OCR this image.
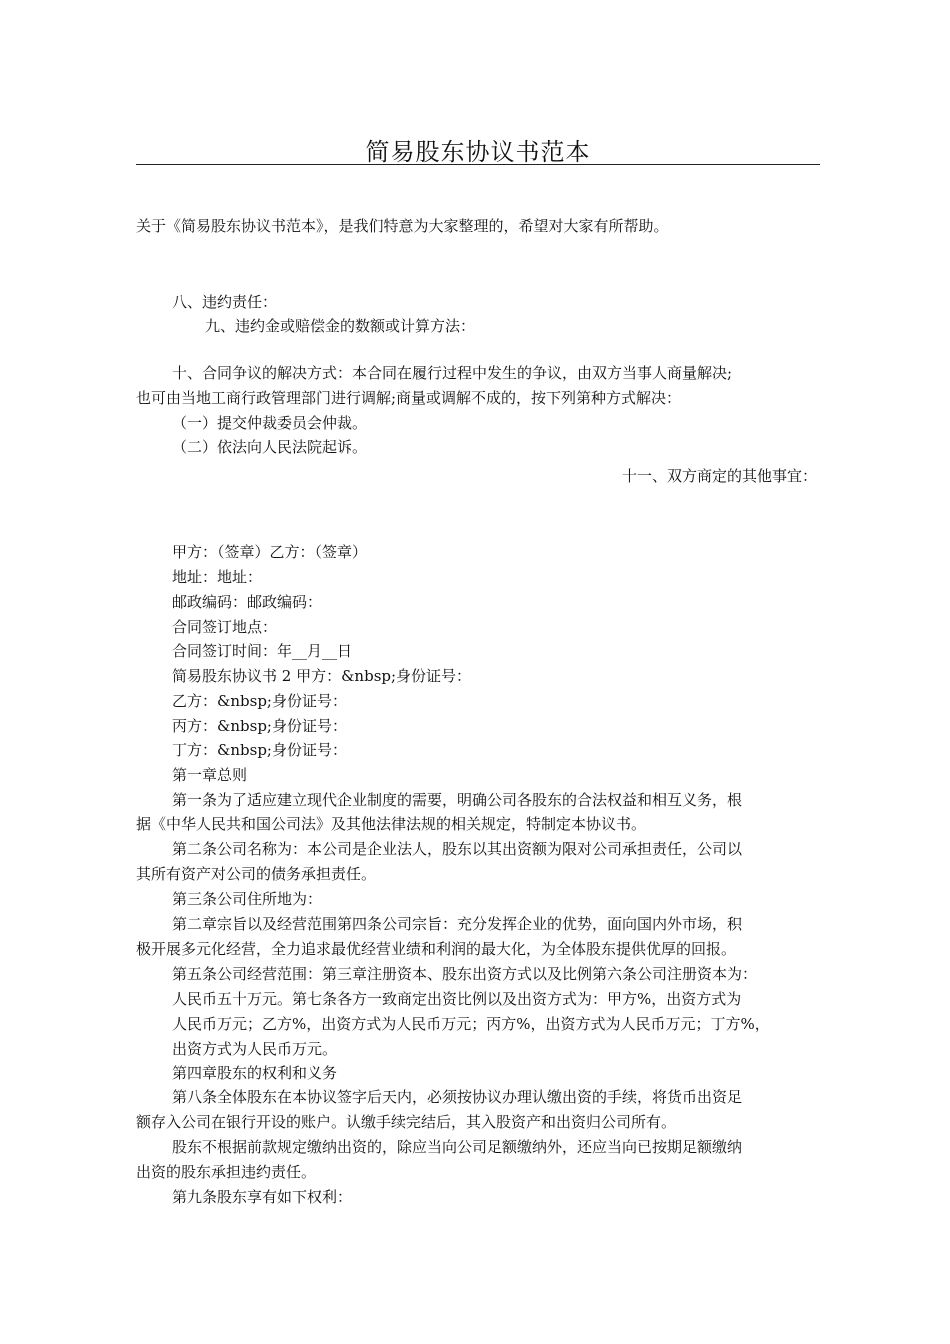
简易股东协议书范本
关于《简易股东协议书范本》，是我们特意为大家整理的，希望对大家有所帮助。
八、违约责任：
九、违约金或赔偿金的数额或计算方法：
十、合同争议的解决方式：本合同在履行过程中发生的争议，由双方当事人商量解决;
也可由当地工商行政管理部门进行调解;商量或调解不成的，按下列第种方式解决：
（一）提交仲裁委员会仲裁。
（二）依法向人民法院起诉。
十一、双方商定的其他事宜：
甲方：（签章）乙方：（签章）
地址：地址：
邮政编码：邮政编码：
合同签订地点：
合同签订时间：年__月__日
简易股东协议书 2 甲方：&nbsp;身份证号：
乙方：&nbsp;身份证号：
丙方：&nbsp;身份证号：
丁方：&nbsp;身份证号：
第一章总则
第一条为了适应建立现代企业制度的需要，明确公司各股东的合法权益和相互义务，根
据《中华人民共和国公司法》及其他法律法规的相关规定，特制定本协议书。
第二条公司名称为：本公司是企业法人，股东以其出资额为限对公司承担责任，公司以
其所有资产对公司的债务承担责任。
第三条公司住所地为：
第二章宗旨以及经营范围第四条公司宗旨：充分发挥企业的优势，面向国内外市场，积
极开展多元化经营，全力追求最优经营业绩和利润的最大化，为全体股东提供优厚的回报。
第五条公司经营范围：第三章注册资本、股东出资方式以及比例第六条公司注册资本为：
人民币五十万元。第七条各方一致商定出资比例以及出资方式为：甲方%，出资方式为
人民币万元；乙方%，出资方式为人民币万元；丙方%，出资方式为人民币万元；丁方%，
出资方式为人民币万元。
第四章股东的权利和义务
第八条全体股东在本协议签字后天内，必须按协议办理认缴出资的手续，将货币出资足
额存入公司在银行开设的账户。认缴手续完结后，其入股资产和出资归公司所有。
股东不根据前款规定缴纳出资的，除应当向公司足额缴纳外，还应当向已按期足额缴纳
出资的股东承担违约责任。
第九条股东享有如下权利：
